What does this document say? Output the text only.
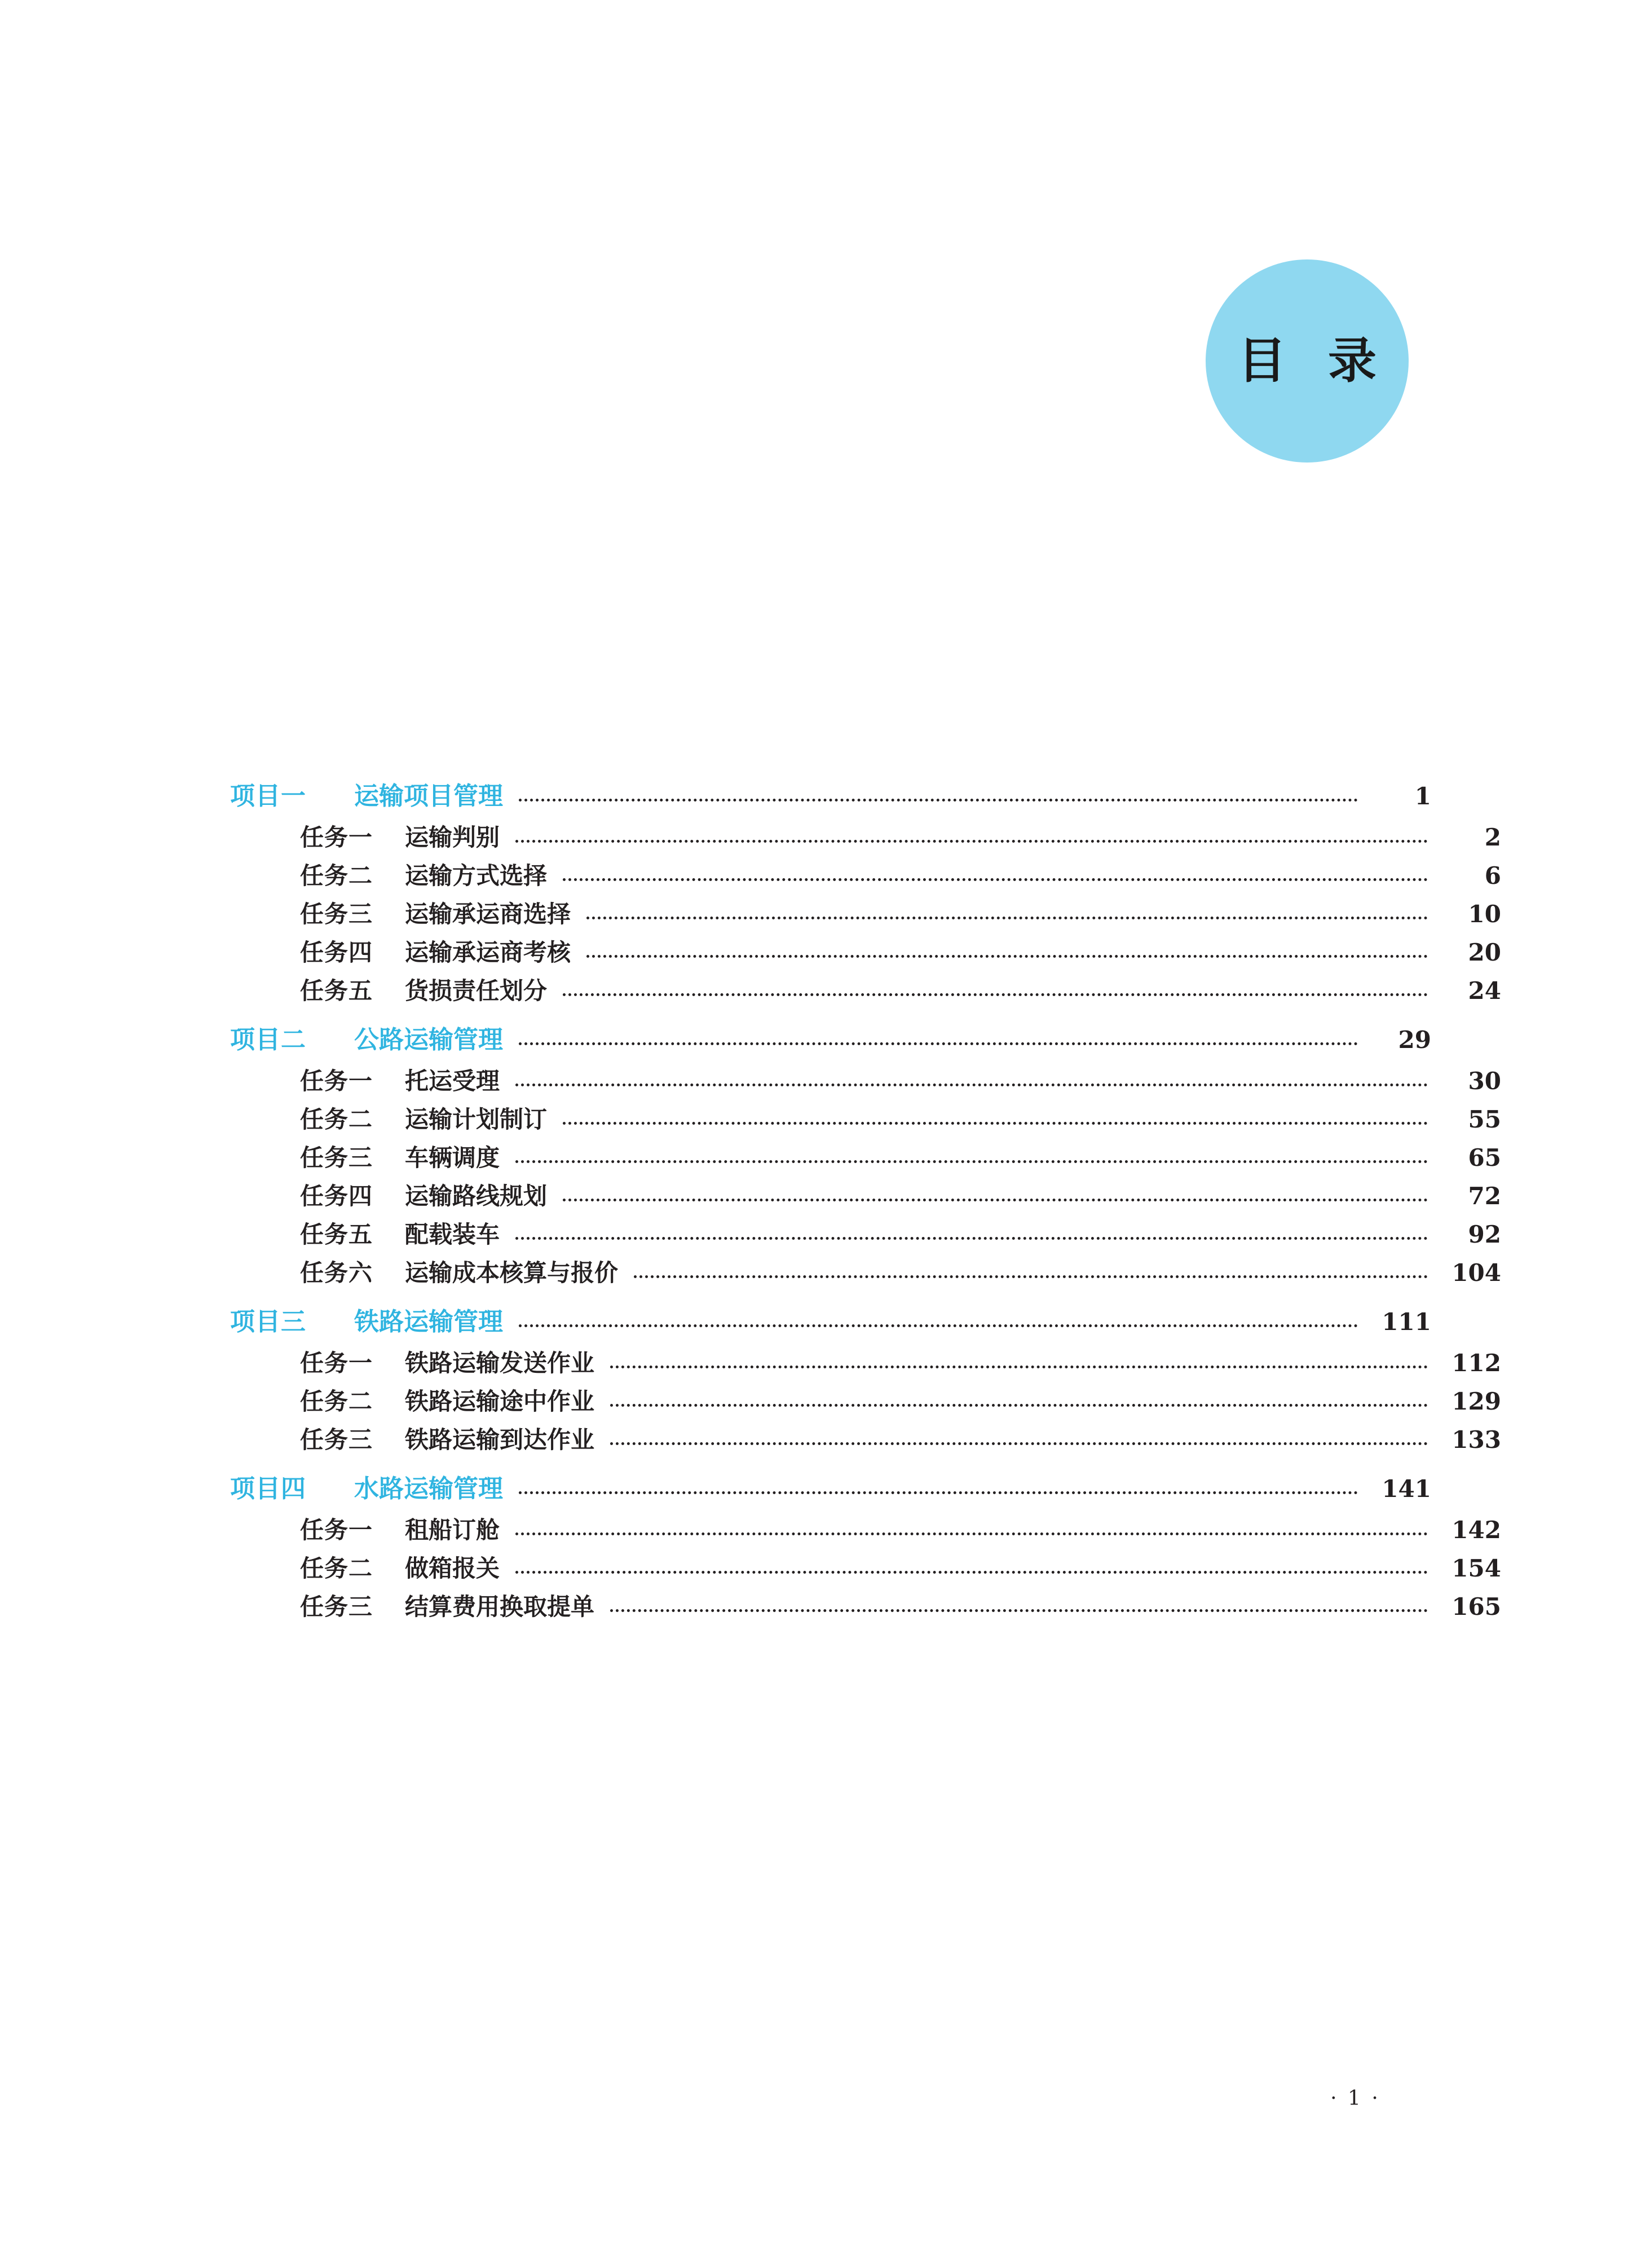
目 录
项目一	运输项目管理	1
任务一	运输判别	2
任务二	运输方式选择	6
任务三	运输承运商选择	10
任务四	运输承运商考核	20
任务五	货损责任划分	24
项目二	公路运输管理	29
任务一	托运受理	30
任务二	运输计划制订	55
任务三	车辆调度	65
任务四	运输路线规划	72
任务五	配载装车	92
任务六	运输成本核算与报价	104
项目三	铁路运输管理	111
任务一	铁路运输发送作业	112
任务二	铁路运输途中作业	129
任务三	铁路运输到达作业	133
项目四	水路运输管理	141
任务一	租船订舱	142
任务二	做箱报关	154
任务三	结算费用换取提单	165
· 1 ·
